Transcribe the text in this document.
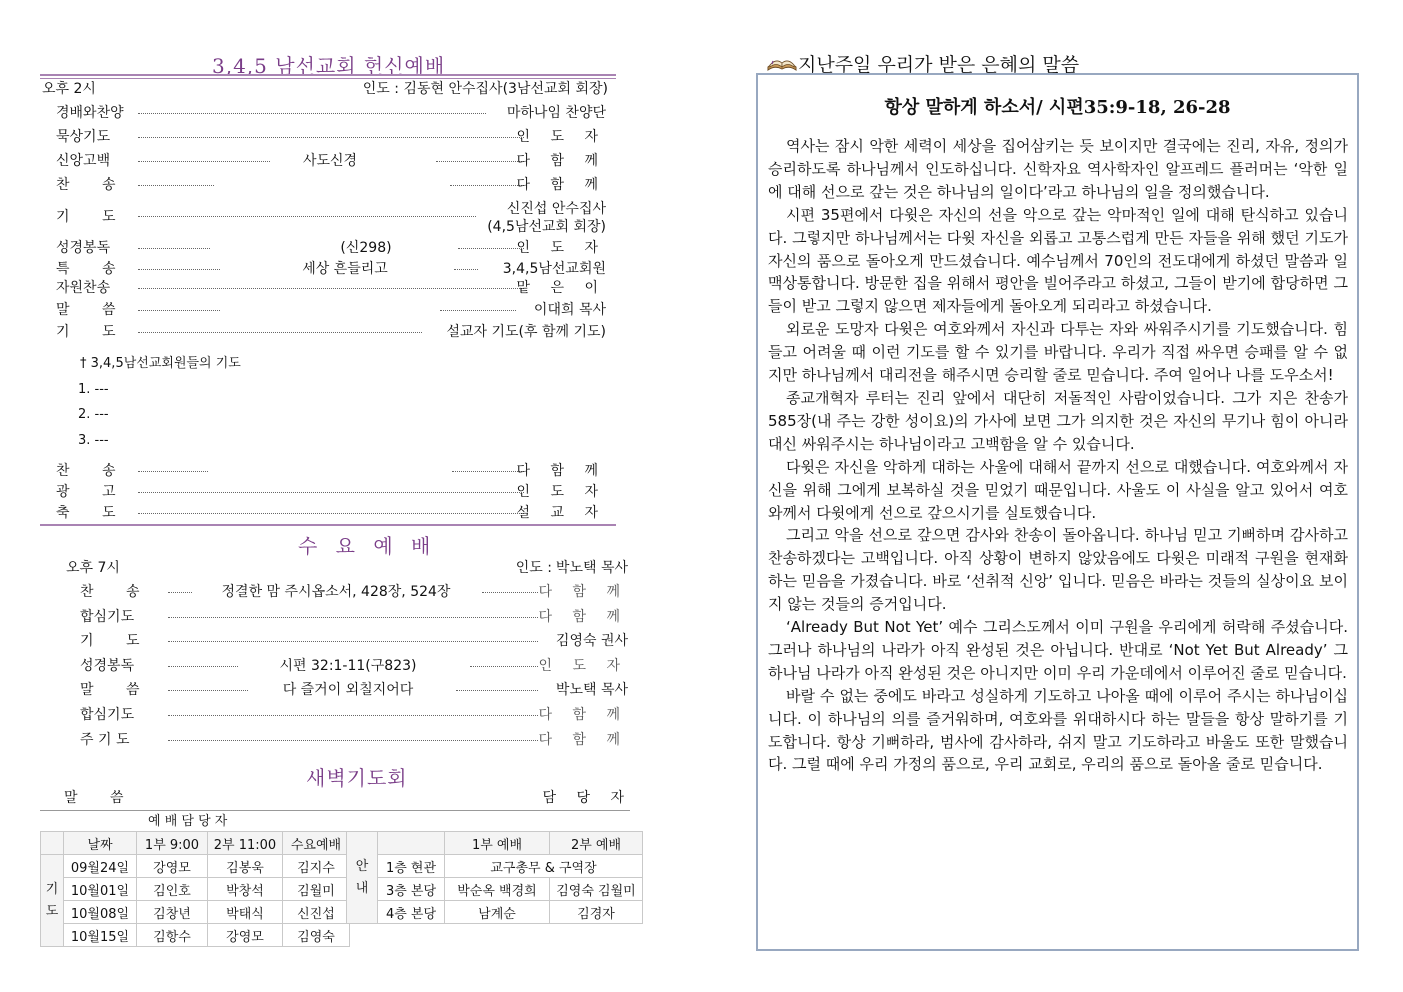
3,4,5 남선교회 헌신예배
오후 2시	인도 : 김동현 안수집사(3남선교회 회장)
경배와찬양	마하나임 찬양단
묵상기도	인 도 자
신앙고백	사도신경	다 함 께
찬 송	다 함 께
기 도	신진섭 안수집사
(4,5남선교회 회장)
성경봉독	(신298)	인 도 자
특 송	세상 흔들리고	3,4,5남선교회원
자원찬송	맡 은 이
말 씀	이대희 목사
기 도	설교자 기도(후 함께 기도)
† 3,4,5남선교회원들의 기도
1. ---
2. ---
3. ---
찬 송	다 함 께
광 고	인 도 자
축 도	설 교 자
수 요 예 배
오후 7시	인도 : 박노택 목사
찬 송	정결한 맘 주시옵소서, 428장, 524장	다 함 께
합심기도	다 함 께
기 도	김영숙 권사
성경봉독	시편 32:1-11(구823)	인 도 자
말 씀	다 즐거이 외칠지어다	박노택 목사
합심기도	다 함 께
주 기 도	다 함 께
새벽기도회
말 씀	담 당 자
예 배 담 당 자
	날짜	1부 9:00	2부 11:00	수요예배
기 도	09월24일	강영모	김봉욱	김지수
	10월01일	김인호	박창석	김월미
	10월08일	김창년	박태식	신진섭
	10월15일	김항수	강영모	김영숙
안 내		1부 예배	2부 예배
	1층 현관	교구총무 & 구역장	
	3층 본당	박순옥 백경희	김영숙 김월미
	4층 본당	남계순	김경자
지난주일 우리가 받은 은혜의 말씀
항상 말하게 하소서/ 시편35:9-18, 26-28

역사는 잠시 악한 세력이 세상을 집어삼키는 듯 보이지만 결국에는 진리, 자유, 정의가 승리하도록 하나님께서 인도하십니다. 신학자요 역사학자인 알프레드 플러머는 ‘악한 일에 대해 선으로 갚는 것은 하나님의 일이다’라고 하나님의 일을 정의했습니다.

시편 35편에서 다윗은 자신의 선을 악으로 갚는 악마적인 일에 대해 탄식하고 있습니다. 그렇지만 하나님께서는 다윗 자신을 외롭고 고통스럽게 만든 자들을 위해 했던 기도가 자신의 품으로 돌아오게 만드셨습니다. 예수님께서 70인의 전도대에게 하셨던 말씀과 일맥상통합니다. 방문한 집을 위해서 평안을 빌어주라고 하셨고, 그들이 받기에 합당하면 그들이 받고 그렇지 않으면 제자들에게 돌아오게 되리라고 하셨습니다.

외로운 도망자 다윗은 여호와께서 자신과 다투는 자와 싸워주시기를 기도했습니다. 힘들고 어려울 때 이런 기도를 할 수 있기를 바랍니다. 우리가 직접 싸우면 승패를 알 수 없지만 하나님께서 대리전을 해주시면 승리할 줄로 믿습니다. 주여 일어나 나를 도우소서!

종교개혁자 루터는 진리 앞에서 대단히 저돌적인 사람이었습니다. 그가 지은 찬송가 585장(내 주는 강한 성이요)의 가사에 보면 그가 의지한 것은 자신의 무기나 힘이 아니라 대신 싸워주시는 하나님이라고 고백함을 알 수 있습니다.

다윗은 자신을 악하게 대하는 사울에 대해서 끝까지 선으로 대했습니다. 여호와께서 자신을 위해 그에게 보복하실 것을 믿었기 때문입니다. 사울도 이 사실을 알고 있어서 여호와께서 다윗에게 선으로 갚으시기를 실토했습니다.

그리고 악을 선으로 갚으면 감사와 찬송이 돌아옵니다. 하나님 믿고 기뻐하며 감사하고 찬송하겠다는 고백입니다. 아직 상황이 변하지 않았음에도 다윗은 미래적 구원을 현재화하는 믿음을 가졌습니다. 바로 ‘선취적 신앙’ 입니다. 믿음은 바라는 것들의 실상이요 보이지 않는 것들의 증거입니다.

‘Already But Not Yet’ 예수 그리스도께서 이미 구원을 우리에게 허락해 주셨습니다. 그러나 하나님의 나라가 아직 완성된 것은 아닙니다. 반대로 ‘Not Yet But Already’ 그 하나님 나라가 아직 완성된 것은 아니지만 이미 우리 가운데에서 이루어진 줄로 믿습니다.

바랄 수 없는 중에도 바라고 성실하게 기도하고 나아올 때에 이루어 주시는 하나님이십니다. 이 하나님의 의를 즐거워하며, 여호와를 위대하시다 하는 말들을 항상 말하기를 기도합니다. 항상 기뻐하라, 범사에 감사하라, 쉬지 말고 기도하라고 바울도 또한 말했습니다. 그럴 때에 우리 가정의 품으로, 우리 교회로, 우리의 품으로 돌아올 줄로 믿습니다.
